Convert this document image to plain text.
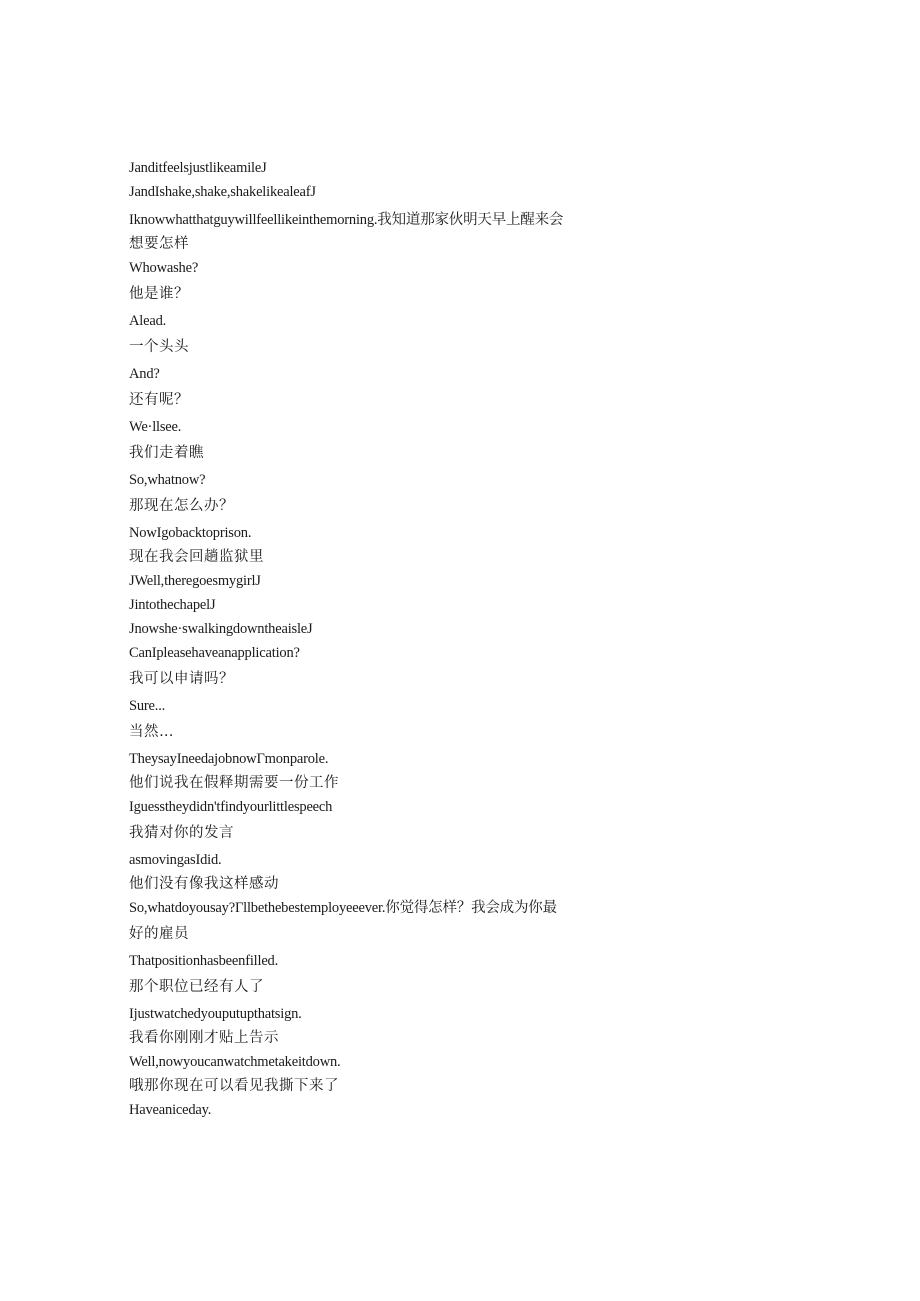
JanditfeelsjustlikeamileJ
JandIshake,shake,shakelikealeafJ
Iknowwhatthatguywillfeellikeinthemorning.我知道那家伙明天早上醒来会
想要怎样
Whowashe?
他是谁？
Alead.
一个头头
And?
还有呢？
We·llsee.
我们走着瞧
So,whatnow?
那现在怎么办？
NowIgobacktoprison.
现在我会回趟监狱里
JWell,theregoesmygirlJ
JintothechapelJ
Jnowshe·swalkingdowntheaisleJ
CanIpleasehaveanapplication?
我可以申请吗？
Sure...
当然…
TheysayIneedajobnowΓmonparole.
他们说我在假释期需要一份工作
Iguesstheydidn'tfindyourlittlespeech
我猜对你的发言
asmovingasIdid.
他们没有像我这样感动
So,whatdoyousay?Γllbethebestemployeeever.你觉得怎样？我会成为你最
好的雇员
Thatpositionhasbeenfilled.
那个职位已经有人了
Ijustwatchedyouputupthatsign.
我看你刚刚才贴上告示
Well,nowyoucanwatchmetakeitdown.
哦那你现在可以看见我撕下来了
Haveaniceday.
